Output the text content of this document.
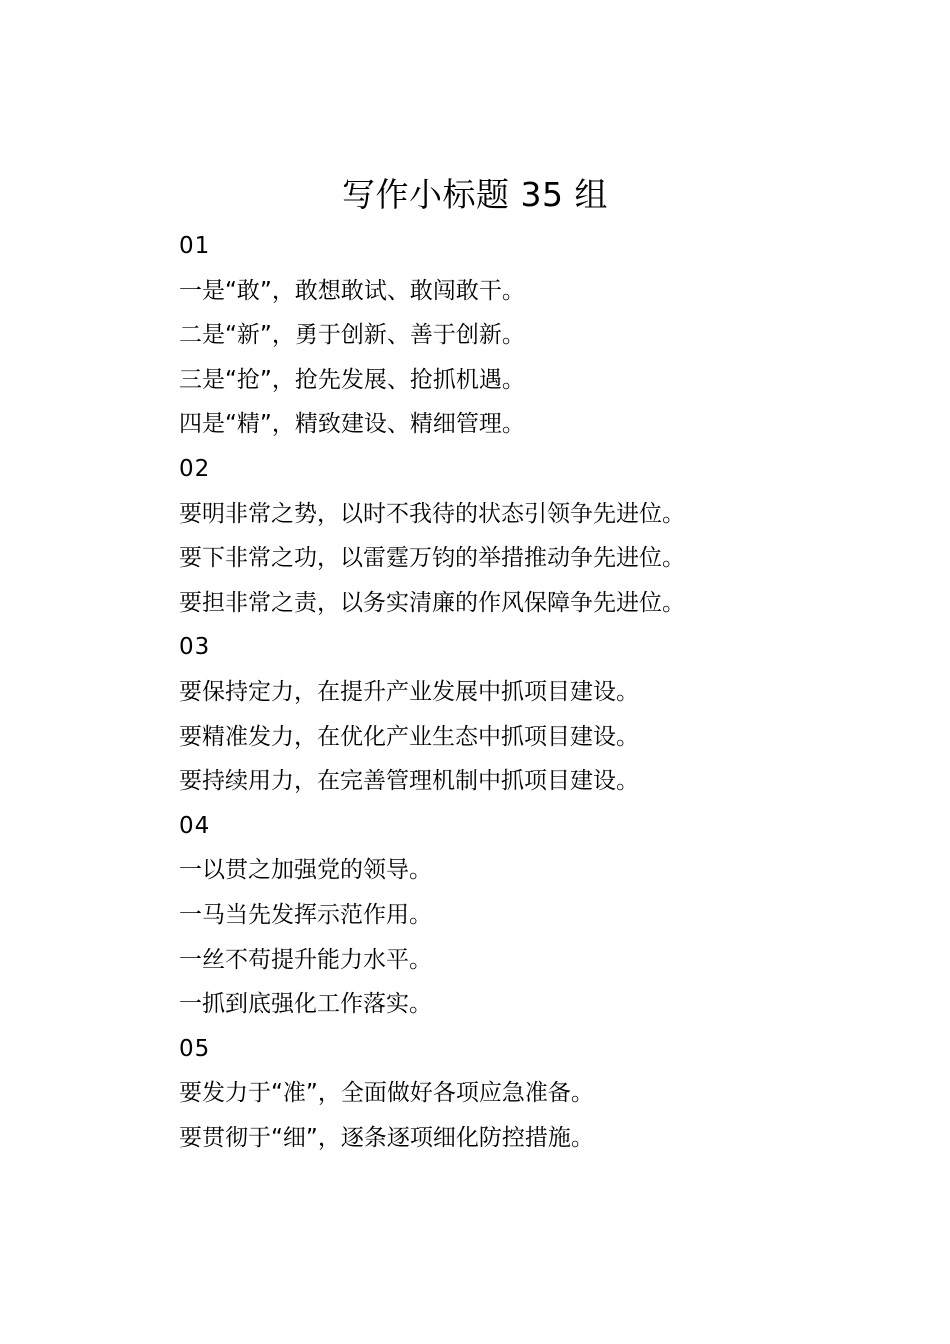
写作小标题 35 组
01
一是“敢”，敢想敢试、敢闯敢干。
二是“新”，勇于创新、善于创新。
三是“抢”，抢先发展、抢抓机遇。
四是“精”，精致建设、精细管理。
02
要明非常之势，以时不我待的状态引领争先进位。
要下非常之功，以雷霆万钧的举措推动争先进位。
要担非常之责，以务实清廉的作风保障争先进位。
03
要保持定力，在提升产业发展中抓项目建设。
要精准发力，在优化产业生态中抓项目建设。
要持续用力，在完善管理机制中抓项目建设。
04
一以贯之加强党的领导。
一马当先发挥示范作用。
一丝不苟提升能力水平。
一抓到底强化工作落实。
05
要发力于“准”，全面做好各项应急准备。
要贯彻于“细”，逐条逐项细化防控措施。
